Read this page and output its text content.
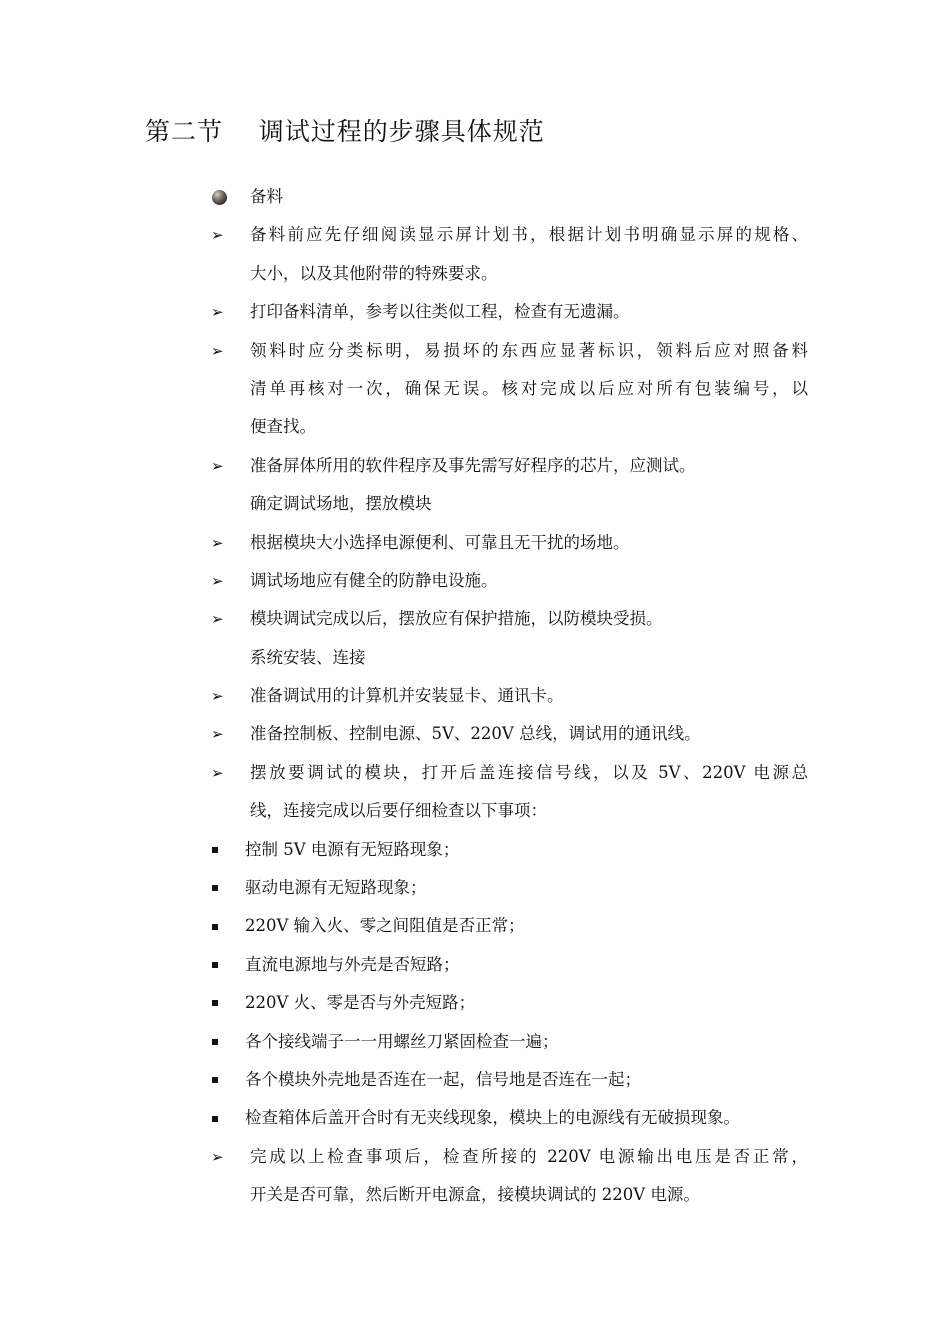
第二节    调试过程的步骤具体规范
备料
➢ 备料前应先仔细阅读显示屏计划书，根据计划书明确显示屏的规格、
大小，以及其他附带的特殊要求。
➢ 打印备料清单，参考以往类似工程，检查有无遗漏。
➢ 领料时应分类标明，易损坏的东西应显著标识，领料后应对照备料
清单再核对一次，确保无误。核对完成以后应对所有包装编号，以
便查找。
➢ 准备屏体所用的软件程序及事先需写好程序的芯片，应测试。
确定调试场地，摆放模块
➢ 根据模块大小选择电源便利、可靠且无干扰的场地。
➢ 调试场地应有健全的防静电设施。
➢ 模块调试完成以后，摆放应有保护措施，以防模块受损。
系统安装、连接
➢ 准备调试用的计算机并安装显卡、通讯卡。
➢ 准备控制板、控制电源、5V、220V 总线，调试用的通讯线。
➢ 摆放要调试的模块，打开后盖连接信号线，以及 5V、220V 电源总
线，连接完成以后要仔细检查以下事项：
控制 5V 电源有无短路现象；
驱动电源有无短路现象；
220V 输入火、零之间阻值是否正常；
直流电源地与外壳是否短路；
220V 火、零是否与外壳短路；
各个接线端子一一用螺丝刀紧固检查一遍；
各个模块外壳地是否连在一起，信号地是否连在一起；
检查箱体后盖开合时有无夹线现象，模块上的电源线有无破损现象。
➢ 完成以上检查事项后，检查所接的 220V 电源输出电压是否正常，
开关是否可靠，然后断开电源盒，接模块调试的 220V 电源。
